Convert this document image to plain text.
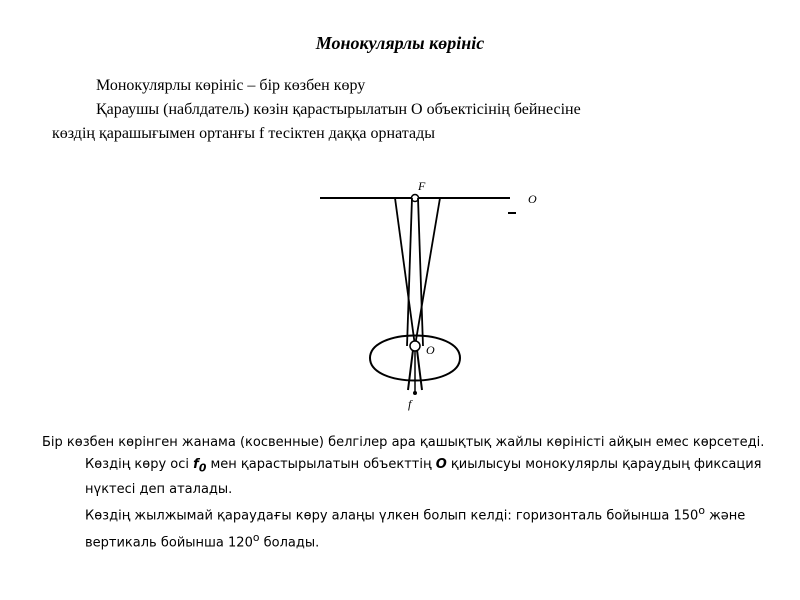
Монокулярлы көрініс
Монокулярлы көрініс – бір көзбен көру
Қараушы (наблдатель) көзін қарастырылатын О объектісінің бейнесіне
көздің қарашығымен ортанғы f тесіктен даққа орнатады
F
O
O
f
Бір көзбен көрінген жанама (косвенные) белгілер ара қашықтық жайлы көріністі айқын емес көрсетеді.
Көздің көру осі $f_0$ мен қарастырылатын объекттің О қиылысуы монокулярлы қараудың фиксация нүктесі деп аталады.
Көздің жылжымай қараудағы көру алаңы үлкен болып келді: горизонталь бойынша $150^о$ және вертикаль бойынша $120^о$ болады.
